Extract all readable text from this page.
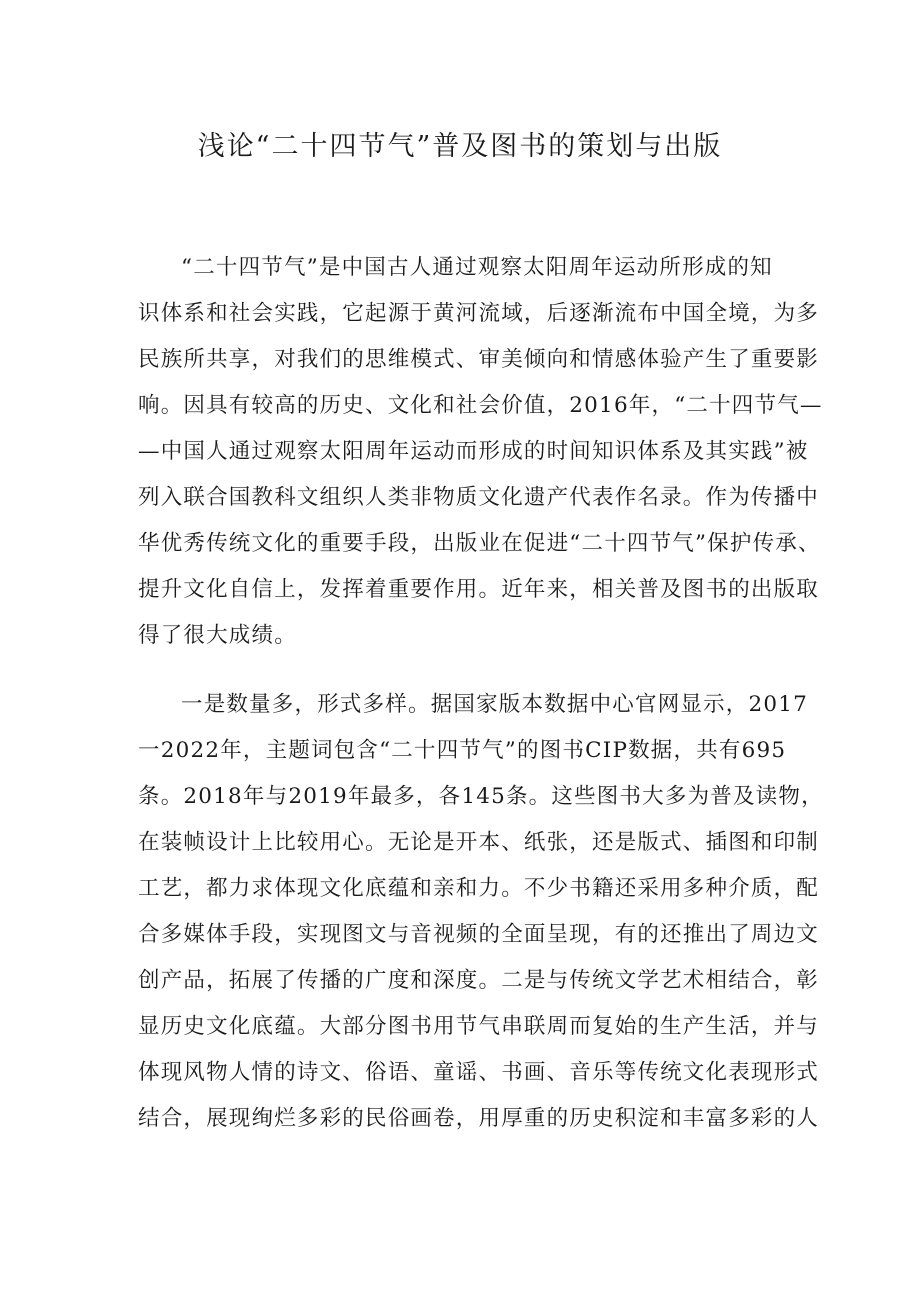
浅论“二十四节气”普及图书的策划与出版
“二十四节气”是中国古人通过观察太阳周年运动所形成的知
识体系和社会实践，它起源于黄河流域，后逐渐流布中国全境，为多
民族所共享，对我们的思维模式、审美倾向和情感体验产生了重要影
响。因具有较高的历史、文化和社会价值，2016年，“二十四节气—
—中国人通过观察太阳周年运动而形成的时间知识体系及其实践”被
列入联合国教科文组织人类非物质文化遗产代表作名录。作为传播中
华优秀传统文化的重要手段，出版业在促进“二十四节气”保护传承、
提升文化自信上，发挥着重要作用。近年来，相关普及图书的出版取
得了很大成绩。
一是数量多，形式多样。据国家版本数据中心官网显示，2017
一2022年，主题词包含“二十四节气”的图书CIP数据，共有695
条。2018年与2019年最多，各145条。这些图书大多为普及读物，
在装帧设计上比较用心。无论是开本、纸张，还是版式、插图和印制
工艺，都力求体现文化底蕴和亲和力。不少书籍还采用多种介质，配
合多媒体手段，实现图文与音视频的全面呈现，有的还推出了周边文
创产品，拓展了传播的广度和深度。二是与传统文学艺术相结合，彰
显历史文化底蕴。大部分图书用节气串联周而复始的生产生活，并与
体现风物人情的诗文、俗语、童谣、书画、音乐等传统文化表现形式
结合，展现绚烂多彩的民俗画卷，用厚重的历史积淀和丰富多彩的人
